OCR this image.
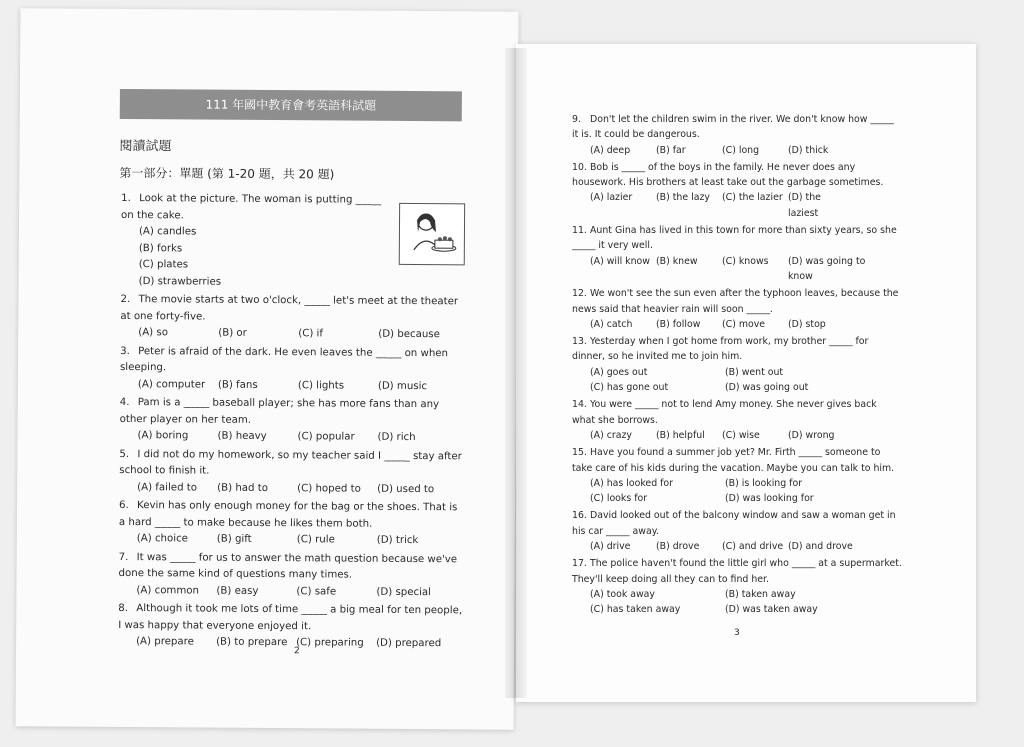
111 年國中教育會考英語科試題
閱讀試題
第一部分：單題 (第 1-20 題，共 20 題)
1. Look at the picture. The woman is putting _____ on the cake.
(A) candles
(B) forks
(C) plates
(D) strawberries
2. The movie starts at two o'clock, _____ let's meet at the theater at one forty-five.
(A) so	(B) or	(C) if	(D) because
3. Peter is afraid of the dark. He even leaves the _____ on when sleeping.
(A) computer	(B) fans	(C) lights	(D) music
4. Pam is a _____ baseball player; she has more fans than any other player on her team.
(A) boring	(B) heavy	(C) popular	(D) rich
5. I did not do my homework, so my teacher said I _____ stay after school to finish it.
(A) failed to	(B) had to	(C) hoped to	(D) used to
6. Kevin has only enough money for the bag or the shoes. That is a hard _____ to make because he likes them both.
(A) choice	(B) gift	(C) rule	(D) trick
7. It was _____ for us to answer the math question because we've done the same kind of questions many times.
(A) common	(B) easy	(C) safe	(D) special
8. Although it took me lots of time _____ a big meal for ten people, I was happy that everyone enjoyed it.
(A) prepare	(B) to prepare (C) preparing	(D) prepared
2
9. Don't let the children swim in the river. We don't know how _____ it is. It could be dangerous.
(A) deep	(B) far	(C) long	(D) thick
10. Bob is _____ of the boys in the family. He never does any housework. His brothers at least take out the garbage sometimes.
(A) lazier	(B) the lazy	(C) the lazier (D) the laziest
11. Aunt Gina has lived in this town for more than sixty years, so she _____ it very well.
(A) will know (B) knew	(C) knows	(D) was going to know
12. We won't see the sun even after the typhoon leaves, because the news said that heavier rain will soon _____.
(A) catch	(B) follow	(C) move	(D) stop
13. Yesterday when I got home from work, my brother _____ for dinner, so he invited me to join him.
(A) goes out	(B) went out
(C) has gone out	(D) was going out
14. You were _____ not to lend Amy money. She never gives back what she borrows.
(A) crazy	(B) helpful	(C) wise	(D) wrong
15. Have you found a summer job yet? Mr. Firth _____ someone to take care of his kids during the vacation. Maybe you can talk to him.
(A) has looked for	(B) is looking for
(C) looks for	(D) was looking for
16. David looked out of the balcony window and saw a woman get in his car _____ away.
(A) drive	(B) drove	(C) and drive (D) and drove
17. The police haven't found the little girl who _____ at a supermarket. They'll keep doing all they can to find her.
(A) took away	(B) taken away
(C) has taken away	(D) was taken away
3
